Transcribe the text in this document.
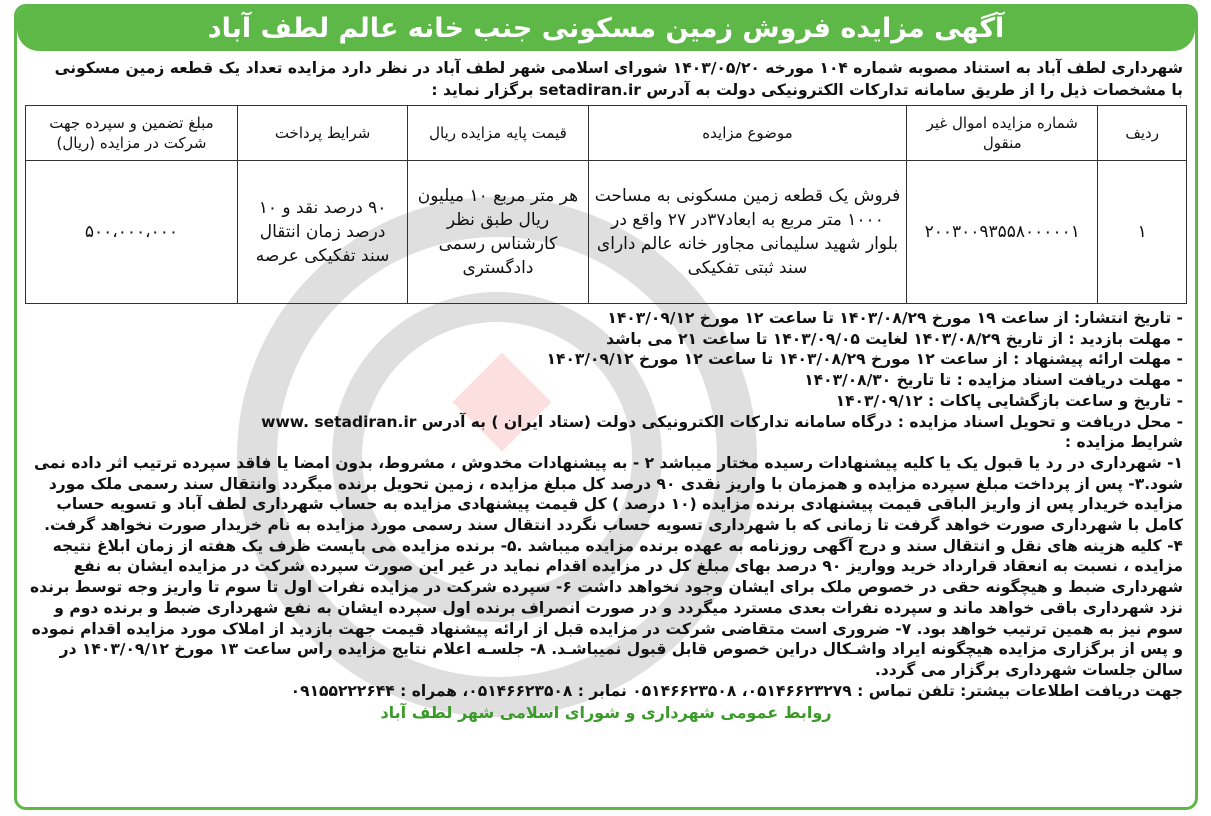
آگهی مزایده فروش زمین مسکونی جنب خانه عالم لطف آباد
شهرداری لطف آباد به استناد مصوبه شماره ۱۰۴ مورخه ۱۴۰۳/۰۵/۲۰ شورای اسلامی شهر لطف آباد در نظر دارد مزایده تعداد یک قطعه زمین مسکونی
با مشخصات ذیل را از طریق سامانه تدارکات الکترونیکی دولت به آدرس setadiran.ir برگزار نماید :
ردیف	شماره مزایده اموال غیر منقول	موضوع مزایده	قیمت پایه مزایده ریال	شرایط پرداخت	مبلغ تضمین و سپرده جهت شرکت در مزایده (ریال)
۱	۲۰۰۳۰۰۹۳۵۵۸۰۰۰۰۰۱	فروش یک قطعه زمین مسکونی به مساحت ۱۰۰۰ متر مربع به ابعاد۳۷در ۲۷ واقع در بلوار شهید سلیمانی مجاور خانه عالم دارای سند ثبتی تفکیکی	هر متر مربع ۱۰ میلیون ریال طبق نظر کارشناس رسمی دادگستری	۹۰ درصد نقد و ۱۰ درصد زمان انتقال سند تفکیکی عرصه	۵۰۰،۰۰۰،۰۰۰

- تاریخ انتشار: از ساعت ۱۹ مورخ ۱۴۰۳/۰۸/۲۹ تا ساعت ۱۲ مورخ ۱۴۰۳/۰۹/۱۲

- مهلت بازدید : از تاریخ ۱۴۰۳/۰۸/۲۹ لغایت ۱۴۰۳/۰۹/۰۵ تا ساعت ۲۱ می باشد

- مهلت ارائه پیشنهاد : از ساعت ۱۲ مورخ ۱۴۰۳/۰۸/۲۹ تا ساعت ۱۲ مورخ ۱۴۰۳/۰۹/۱۲

- مهلت دریافت اسناد مزایده : تا تاریخ ۱۴۰۳/۰۸/۳۰

- تاریخ و ساعت بازگشایی پاکات : ۱۴۰۳/۰۹/۱۲

- محل دریافت و تحویل اسناد مزایده : درگاه سامانه تدارکات الکترونیکی دولت (ستاد ایران ) به آدرس www. setadiran.ir

شرایط مزایده :

۱- شهرداری در رد یا قبول یک یا کلیه پیشنهادات رسیده مختار میباشد ۲ - به پیشنهادات مخدوش ، مشروط، بدون امضا یا فاقد سپرده ترتیب اثر داده نمی شود.۳- پس از پرداخت مبلغ سپرده مزایده و همزمان با واریز نقدی ۹۰ درصد کل مبلغ مزایده ، زمین تحویل برنده میگردد وانتقال سند رسمی ملک مورد مزایده خریدار پس از واریز الباقی قیمت پیشنهادی برنده مزایده (۱۰ درصد ) کل قیمت پیشنهادی مزایده به حساب شهرداری لطف آباد و تسویه حساب کامل با شهرداری صورت خواهد گرفت تا زمانی که با شهرداری تسویه حساب نگردد انتقال سند رسمی مورد مزایده به نام خریدار صورت نخواهد گرفت. ۴- کلیه هزینه های نقل و انتقال سند و درج آگهی روزنامه به عهده برنده مزایده میباشد .۵- برنده مزایده می بایست ظرف یک هفته از زمان ابلاغ نتیجه مزایده ، نسبت به انعقاد قرارداد خرید وواریز ۹۰ درصد بهای مبلغ کل در مزایده اقدام نماید در غیر این صورت سپرده شرکت در مزایده ایشان به نفع شهرداری ضبط و هیچگونه حقی در خصوص ملک برای ایشان وجود نخواهد داشت ۶- سپرده شرکت در مزایده نفرات اول تا سوم تا واریز وجه توسط برنده نزد شهرداری باقی خواهد ماند و سپرده نفرات بعدی مسترد میگردد و در صورت انصراف برنده اول سپرده ایشان به نفع شهرداری ضبط و برنده دوم و سوم نیز به همین ترتیب خواهد بود. ۷- ضروری است متقاضی شرکت در مزایده قبل از ارائه پیشنهاد قیمت جهت بازدید از املاک مورد مزایده اقدام نموده و پس از برگزاری مزایده هیچگونه ایراد واشـکال دراین خصوص قابل قبول نمیباشـد. ۸- جلسـه اعلام نتایج مزایده راس ساعت ۱۳ مورخ ۱۴۰۳/۰۹/۱۲ در سالن جلسات شهرداری برگزار می گردد.

جهت دریافت اطلاعات بیشتر: تلفن تماس : ۰۵۱۴۶۶۲۳۲۷۹، ۰۵۱۴۶۶۲۳۵۰۸ نمابر : ۰۵۱۴۶۶۲۳۵۰۸، همراه : ۰۹۱۵۵۲۲۲۶۴۴

روابط عمومی شهرداری و شورای اسلامی شهر لطف آباد
